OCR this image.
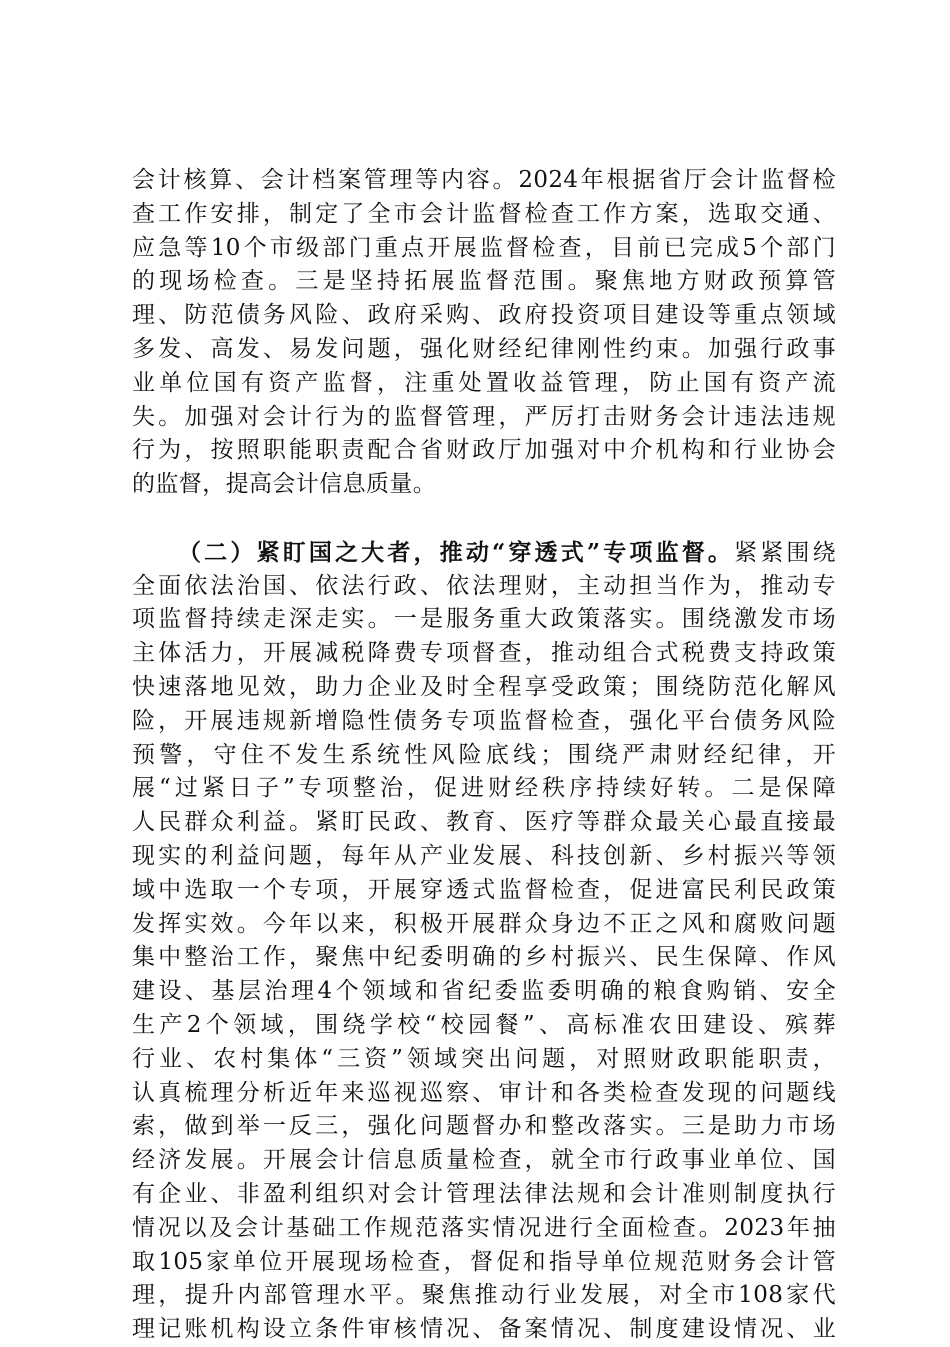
会计核算、会计档案管理等内容。2024年根据省厅会计监督检
查工作安排，制定了全市会计监督检查工作方案，选取交通、
应急等10个市级部门重点开展监督检查，目前已完成5个部门
的现场检查。三是坚持拓展监督范围。聚焦地方财政预算管
理、防范债务风险、政府采购、政府投资项目建设等重点领域
多发、高发、易发问题，强化财经纪律刚性约束。加强行政事
业单位国有资产监督，注重处置收益管理，防止国有资产流
失。加强对会计行为的监督管理，严厉打击财务会计违法违规
行为，按照职能职责配合省财政厅加强对中介机构和行业协会
的监督，提高会计信息质量。
（二）紧盯国之大者，推动“穿透式”专项监督。紧紧围绕
全面依法治国、依法行政、依法理财，主动担当作为，推动专
项监督持续走深走实。一是服务重大政策落实。围绕激发市场
主体活力，开展减税降费专项督查，推动组合式税费支持政策
快速落地见效，助力企业及时全程享受政策；围绕防范化解风
险，开展违规新增隐性债务专项监督检查，强化平台债务风险
预警，守住不发生系统性风险底线；围绕严肃财经纪律，开
展“过紧日子”专项整治，促进财经秩序持续好转。二是保障
人民群众利益。紧盯民政、教育、医疗等群众最关心最直接最
现实的利益问题，每年从产业发展、科技创新、乡村振兴等领
域中选取一个专项，开展穿透式监督检查，促进富民利民政策
发挥实效。今年以来，积极开展群众身边不正之风和腐败问题
集中整治工作，聚焦中纪委明确的乡村振兴、民生保障、作风
建设、基层治理4个领域和省纪委监委明确的粮食购销、安全
生产2个领域，围绕学校“校园餐”、高标准农田建设、殡葬
行业、农村集体“三资”领域突出问题，对照财政职能职责，
认真梳理分析近年来巡视巡察、审计和各类检查发现的问题线
索，做到举一反三，强化问题督办和整改落实。三是助力市场
经济发展。开展会计信息质量检查，就全市行政事业单位、国
有企业、非盈利组织对会计管理法律法规和会计准则制度执行
情况以及会计基础工作规范落实情况进行全面检查。2023年抽
取105家单位开展现场检查，督促和指导单位规范财务会计管
理，提升内部管理水平。聚焦推动行业发展，对全市108家代
理记账机构设立条件审核情况、备案情况、制度建设情况、业
